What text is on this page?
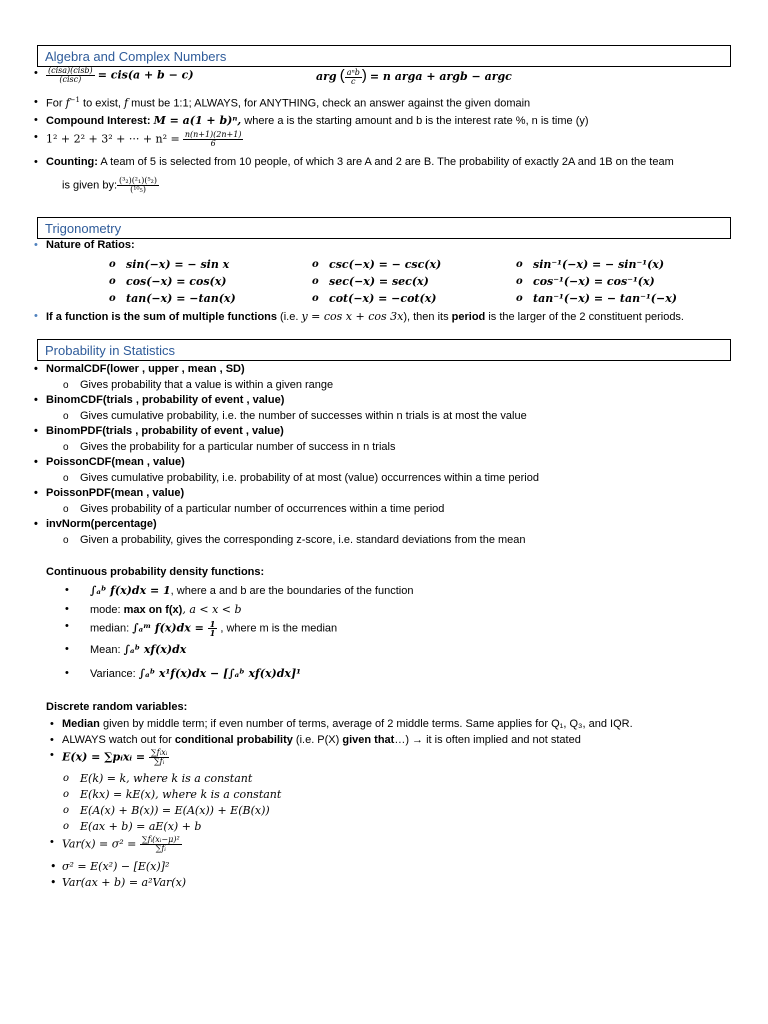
Algebra and Complex Numbers
• $\frac{\text{(cisa)(cisb)}}{\text{(cisc)}} = cis(a + b - c)$	arg ( $\frac{\text{aⁿb}}{c}$ ) = n arga + argb − argc
• For $f^{-1}$ to exist, f must be 1:1; ALWAYS, for ANYTHING, check an answer against the given domain
• Compound Interest: M = a(1 + b)ⁿ, where a is the starting amount and b is the interest rate %, n is time (y)
• 1² + 2² + 3² + ··· + $n^2 = \frac{n(n+1)(2n+1)}{6}$
• Counting: A team of 5 is selected from 10 people, of which 3 are A and 2 are B. The probability of exactly 2A and 1B on the team
is given by: $\frac{\text{(³₂)(²₁)(⁵₂)}}{\text{(¹⁰₅)}}$
Trigonometry
• Nature of Ratios:
o sin(−x) = − sin x
o cos(−x) = cos(x)
o tan(−x) = −tan(x)
o csc(−x) = − csc(x)
o sec(−x) = sec(x)
o cot(−x) = −cot(x)
o sin⁻¹(−x) = − sin⁻¹(x)
o cos⁻¹(−x) = cos⁻¹(x)
o tan⁻¹(−x) = − tan⁻¹(−x)
• If a function is the sum of multiple functions (i.e. y = cos x + cos 3x), then its period is the larger of the 2 constituent periods.
Probability in Statistics
• NormalCDF(lower , upper , mean , SD)
o Gives probability that a value is within a given range
• BinomCDF(trials , probability of event , value)
o Gives cumulative probability, i.e. the number of successes within n trials is at most the value
• BinomPDF(trials , probability of event , value)
o Gives the probability for a particular number of success in n trials
• PoissonCDF(mean , value)
o Gives cumulative probability, i.e. probability of at most (value) occurrences within a time period
• PoissonPDF(mean , value)
o Gives probability of a particular number of occurrences within a time period
• invNorm(percentage)
o Given a probability, gives the corresponding z-score, i.e. standard deviations from the mean
Continuous probability density functions:
• ∫ₐᵇ f(x)dx = 1, where a and b are the boundaries of the function
• mode: max on f(x), a < x < b
• median: ∫ₐᵐ $f(x)dx = \frac{1}{1}$ , where m is the median
• Mean: ∫ₐᵇ xf(x)dx
• Variance: ∫ₐᵇ x¹f(x)dx − [∫ₐᵇ xf(x)dx]¹
Discrete random variables:
• Median given by middle term; if even number of terms, average of 2 middle terms. Same applies for Q₁, Q₃, and IQR.
• ALWAYS watch out for conditional probability (i.e. P(X) given that…) → it is often implied and not stated
• E(x) = ∑pᵢxᵢ = $\frac{\text{∑fᵢxᵢ}}{\text{∑fᵢ}}$
o E(k) = k, where k is a constant
o E(kx) = kE(x), where k is a constant
o E(A(x) + B(x)) = E(A(x)) + E(B(x))
o E(ax + b) = aE(x) + b
• $Var(x) = \sigma^2 = \frac{\text{∑fᵢ(xᵢ−μ)²}}{\text{∑fᵢ}}$
• σ² = E(x²) − [E(x)]²
• Var(ax + b) = a²Var(x)
